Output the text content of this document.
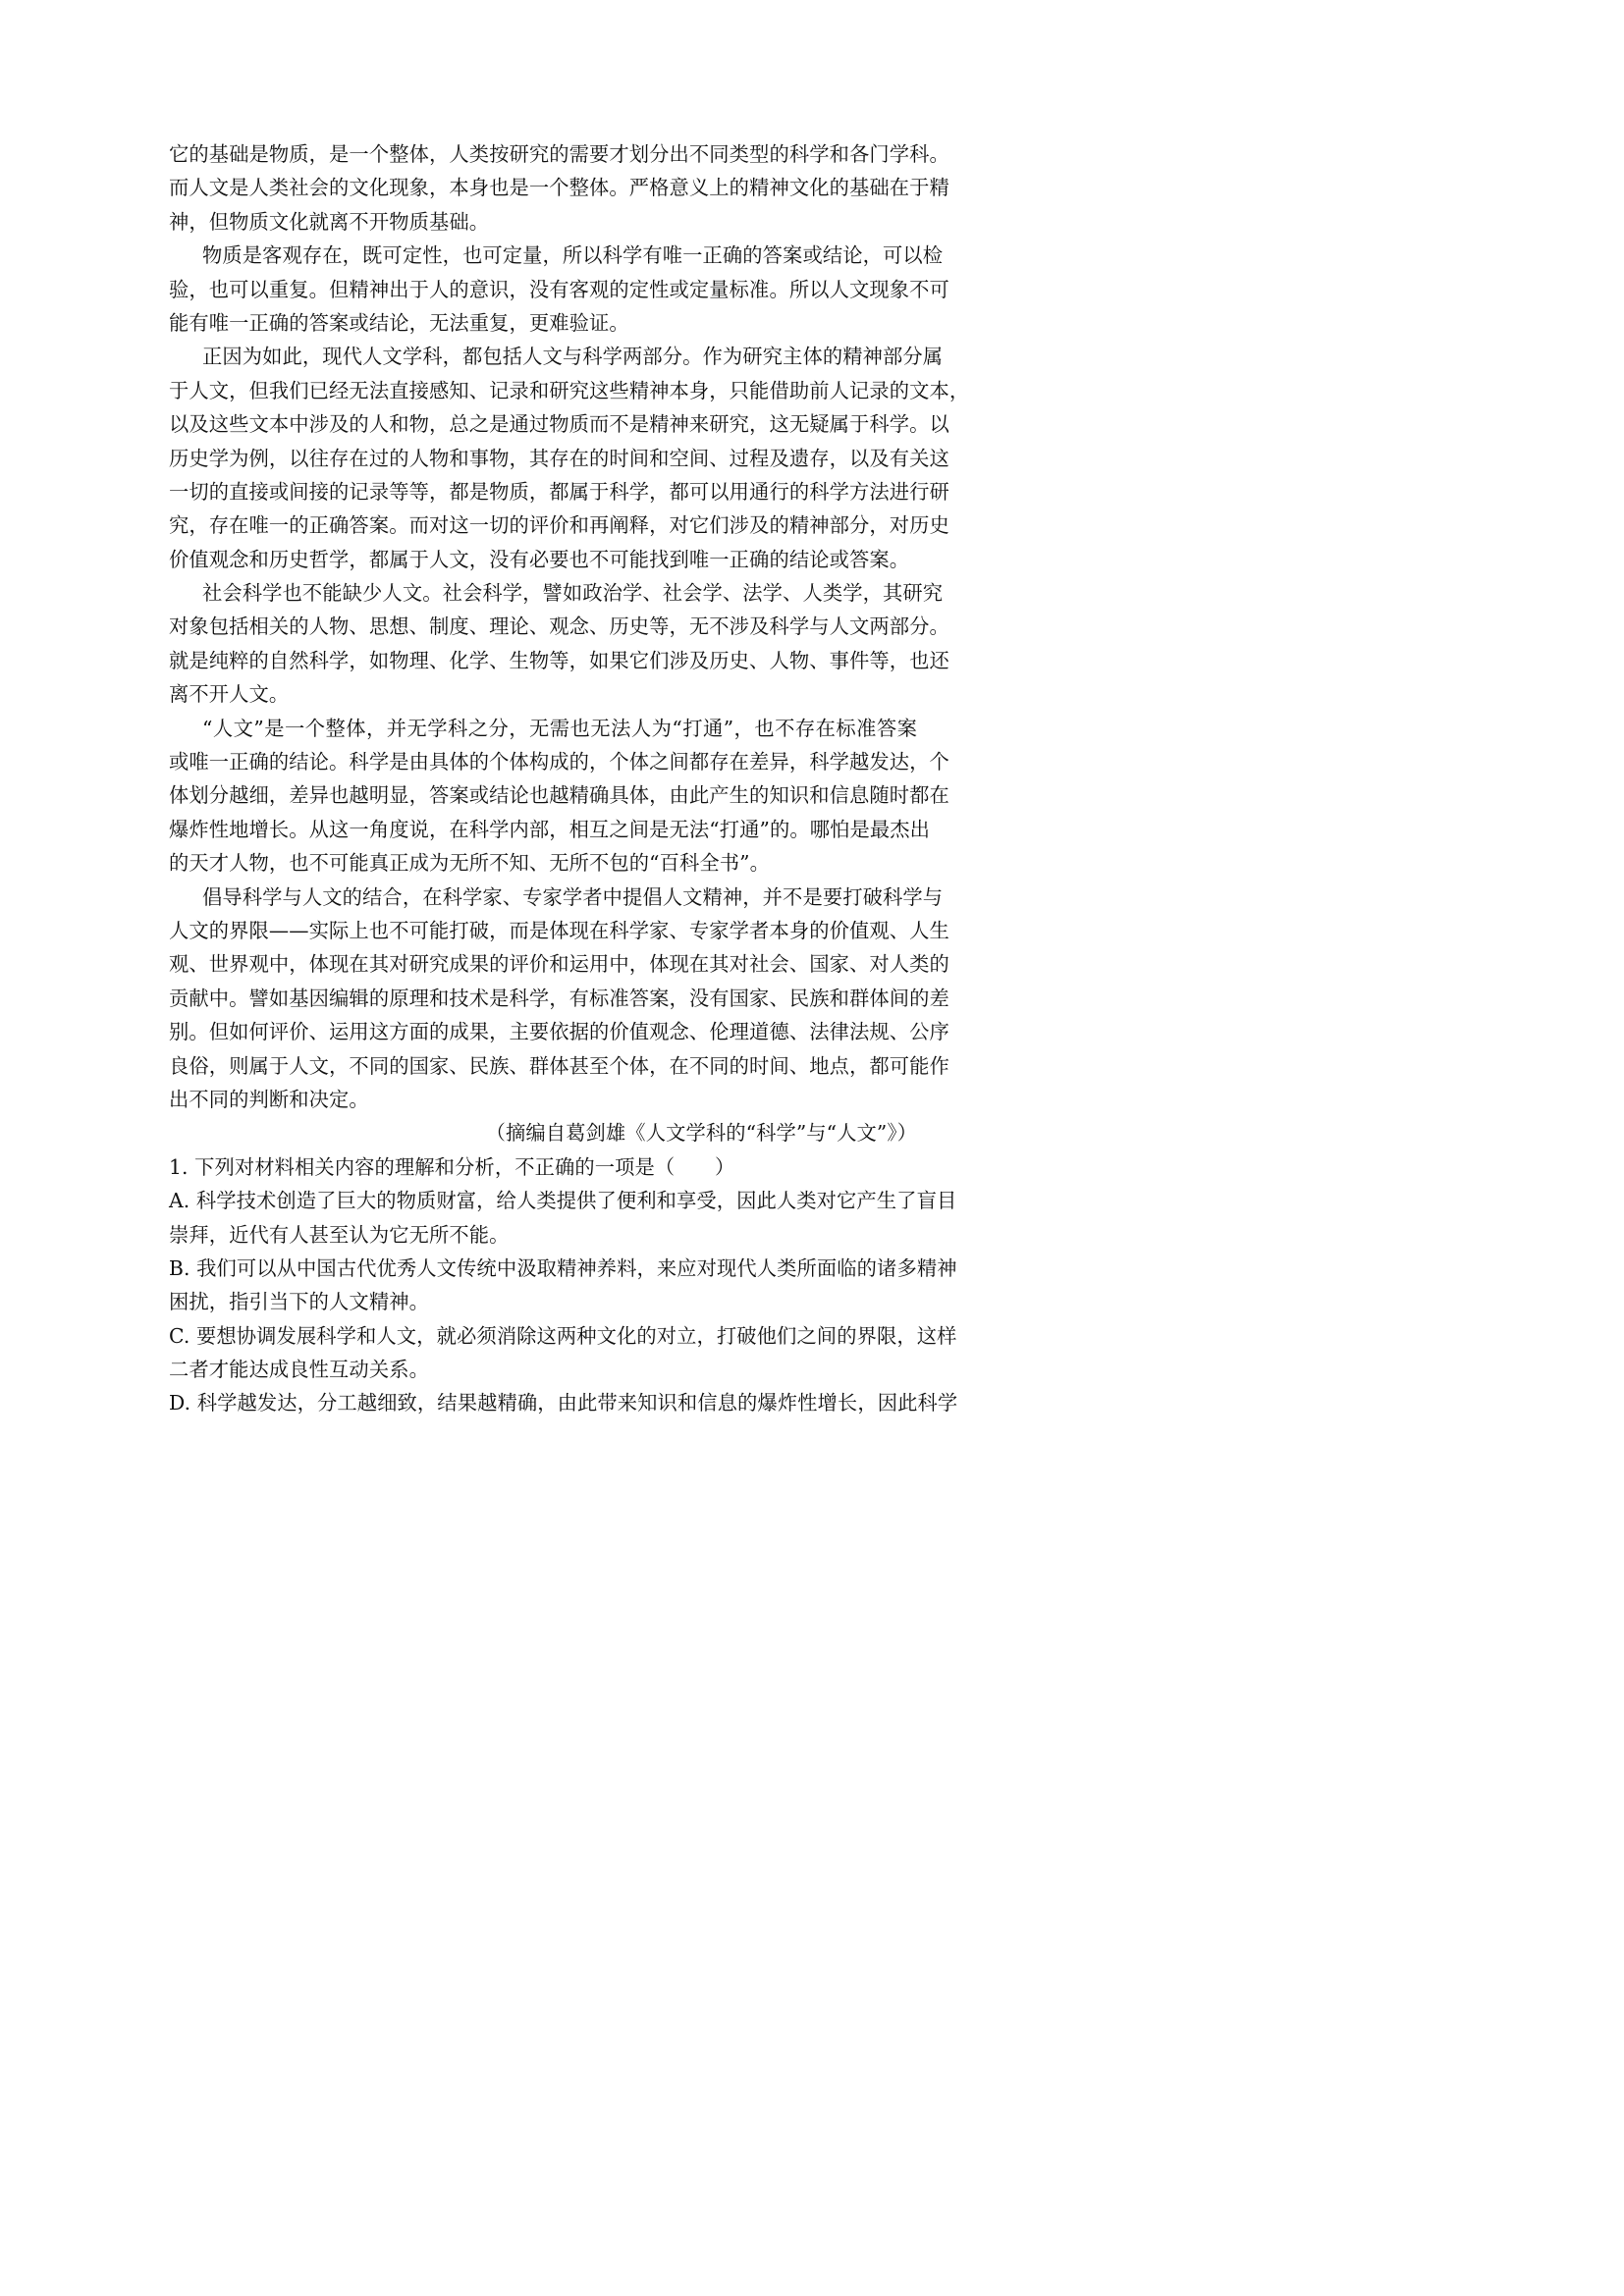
它的基础是物质，是一个整体，人类按研究的需要才划分出不同类型的科学和各门学科。
而人文是人类社会的文化现象，本身也是一个整体。严格意义上的精神文化的基础在于精
神，但物质文化就离不开物质基础。
物质是客观存在，既可定性，也可定量，所以科学有唯一正确的答案或结论，可以检
验，也可以重复。但精神出于人的意识，没有客观的定性或定量标准。所以人文现象不可
能有唯一正确的答案或结论，无法重复，更难验证。
正因为如此，现代人文学科，都包括人文与科学两部分。作为研究主体的精神部分属
于人文，但我们已经无法直接感知、记录和研究这些精神本身，只能借助前人记录的文本，
以及这些文本中涉及的人和物，总之是通过物质而不是精神来研究，这无疑属于科学。以
历史学为例，以往存在过的人物和事物，其存在的时间和空间、过程及遗存，以及有关这
一切的直接或间接的记录等等，都是物质，都属于科学，都可以用通行的科学方法进行研
究，存在唯一的正确答案。而对这一切的评价和再阐释，对它们涉及的精神部分，对历史
价值观念和历史哲学，都属于人文，没有必要也不可能找到唯一正确的结论或答案。
社会科学也不能缺少人文。社会科学，譬如政治学、社会学、法学、人类学，其研究
对象包括相关的人物、思想、制度、理论、观念、历史等，无不涉及科学与人文两部分。
就是纯粹的自然科学，如物理、化学、生物等，如果它们涉及历史、人物、事件等，也还
离不开人文。
“人文”是一个整体，并无学科之分，无需也无法人为“打通”，也不存在标准答案
或唯一正确的结论。科学是由具体的个体构成的，个体之间都存在差异，科学越发达，个
体划分越细，差异也越明显，答案或结论也越精确具体，由此产生的知识和信息随时都在
爆炸性地增长。从这一角度说，在科学内部，相互之间是无法“打通”的。哪怕是最杰出
的天才人物，也不可能真正成为无所不知、无所不包的“百科全书”。
倡导科学与人文的结合，在科学家、专家学者中提倡人文精神，并不是要打破科学与
人文的界限——实际上也不可能打破，而是体现在科学家、专家学者本身的价值观、人生
观、世界观中，体现在其对研究成果的评价和运用中，体现在其对社会、国家、对人类的
贡献中。譬如基因编辑的原理和技术是科学，有标准答案，没有国家、民族和群体间的差
别。但如何评价、运用这方面的成果，主要依据的价值观念、伦理道德、法律法规、公序
良俗，则属于人文，不同的国家、民族、群体甚至个体，在不同的时间、地点，都可能作
出不同的判断和决定。
（摘编自葛剑雄《人文学科的“科学”与“人文”》）
1. 下列对材料相关内容的理解和分析，不正确的一项是（　　）
A. 科学技术创造了巨大的物质财富，给人类提供了便利和享受，因此人类对它产生了盲目
崇拜，近代有人甚至认为它无所不能。
B. 我们可以从中国古代优秀人文传统中汲取精神养料，来应对现代人类所面临的诸多精神
困扰，指引当下的人文精神。
C. 要想协调发展科学和人文，就必须消除这两种文化的对立，打破他们之间的界限，这样
二者才能达成良性互动关系。
D. 科学越发达，分工越细致，结果越精确，由此带来知识和信息的爆炸性增长，因此科学
